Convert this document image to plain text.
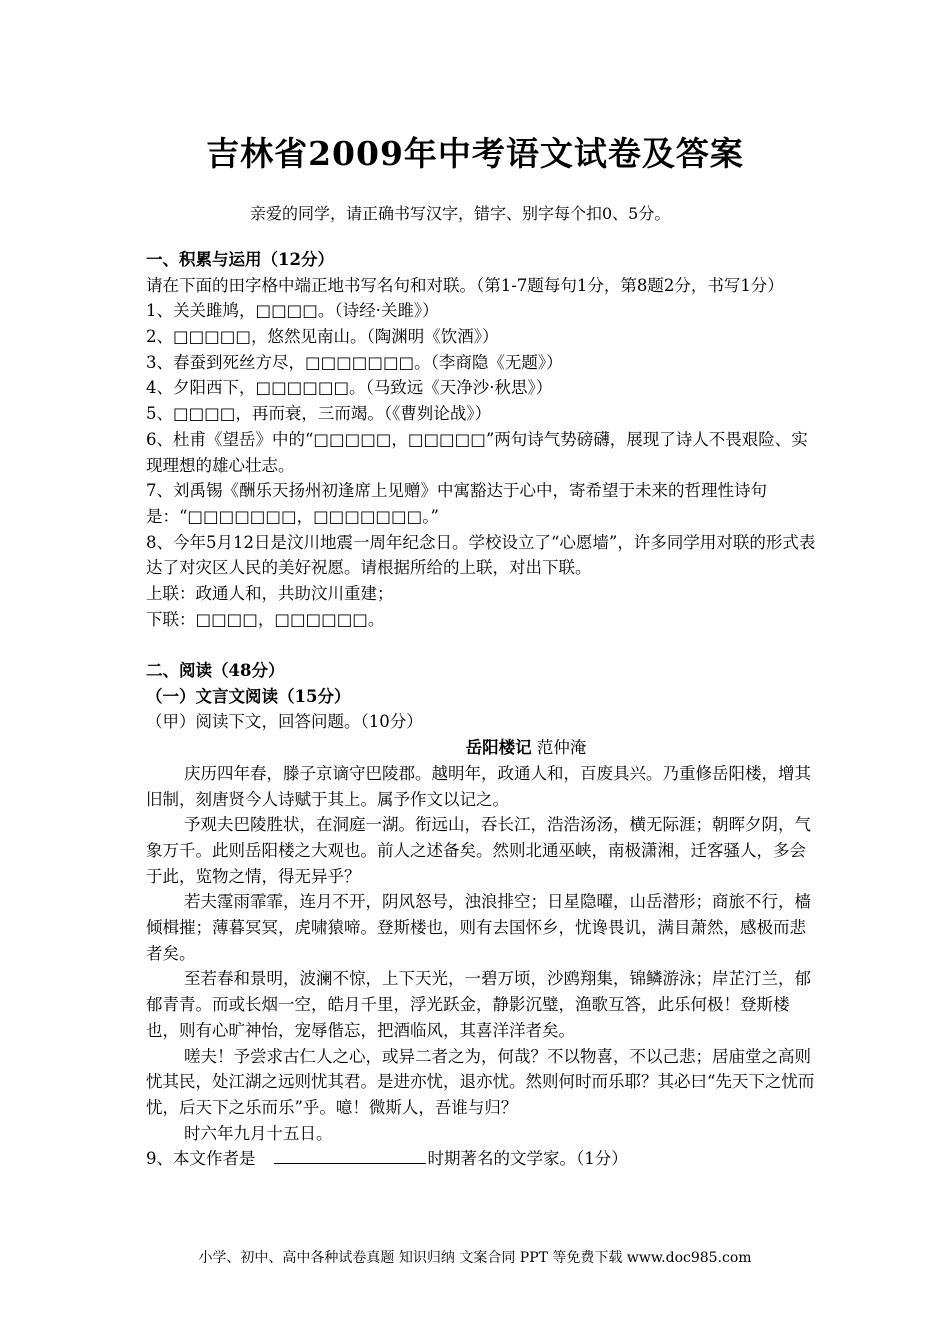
吉林省2009年中考语文试卷及答案
亲爱的同学，请正确书写汉字，错字、别字每个扣0、5分。
一、积累与运用（12分）
请在下面的田字格中端正地书写名句和对联。（第1-7题每句1分，第8题2分，书写1分）
1、关关雎鸠，□□□□。（诗经·关雎》）
2、□□□□□，悠然见南山。（陶渊明《饮酒》）
3、春蚕到死丝方尽，□□□□□□□。（李商隐《无题》）
4、夕阳西下，□□□□□□。（马致远《天净沙·秋思》）
5、□□□□，再而衰，三而竭。（《曹刿论战》）
6、杜甫《望岳》中的“□□□□□，□□□□□”两句诗气势磅礴，展现了诗人不畏艰险、实现理想的雄心壮志。
7、刘禹锡《酬乐天扬州初逢席上见赠》中寓豁达于心中，寄希望于未来的哲理性诗句是：“□□□□□□□，□□□□□□□。”
8、今年5月12日是汶川地震一周年纪念日。学校设立了“心愿墙”，许多同学用对联的形式表达了对灾区人民的美好祝愿。请根据所给的上联，对出下联。
上联：政通人和，共助汶川重建；
下联：□□□□，□□□□□□。
二、阅读（48分）
（一）文言文阅读（15分）
（甲）阅读下文，回答问题。（10分）
岳阳楼记 范仲淹
庆历四年春，滕子京谪守巴陵郡。越明年，政通人和，百废具兴。乃重修岳阳楼，增其旧制，刻唐贤今人诗赋于其上。属予作文以记之。
予观夫巴陵胜状，在洞庭一湖。衔远山，吞长江，浩浩汤汤，横无际涯；朝晖夕阴，气象万千。此则岳阳楼之大观也。前人之述备矣。然则北通巫峡，南极潇湘，迁客骚人，多会于此，览物之情，得无异乎？
若夫霪雨霏霏，连月不开，阴风怒号，浊浪排空；日星隐曜，山岳潜形；商旅不行，樯倾楫摧；薄暮冥冥，虎啸猿啼。登斯楼也，则有去国怀乡，忧谗畏讥，满目萧然，感极而悲者矣。
至若春和景明，波澜不惊，上下天光，一碧万顷，沙鸥翔集，锦鳞游泳；岸芷汀兰，郁郁青青。而或长烟一空，皓月千里，浮光跃金，静影沉璧，渔歌互答，此乐何极！登斯楼也，则有心旷神怡，宠辱偕忘，把酒临风，其喜洋洋者矣。
嗟夫！予尝求古仁人之心，或异二者之为，何哉？不以物喜，不以己悲；居庙堂之高则忧其民，处江湖之远则忧其君。是进亦忧，退亦忧。然则何时而乐耶？其必曰“先天下之忧而忧，后天下之乐而乐”乎。噫！微斯人，吾谁与归？
时六年九月十五日。
9、本文作者是	时期著名的文学家。（1分）
小学、初中、高中各种试卷真题 知识归纳 文案合同 PPT 等免费下载 www.doc985.com
